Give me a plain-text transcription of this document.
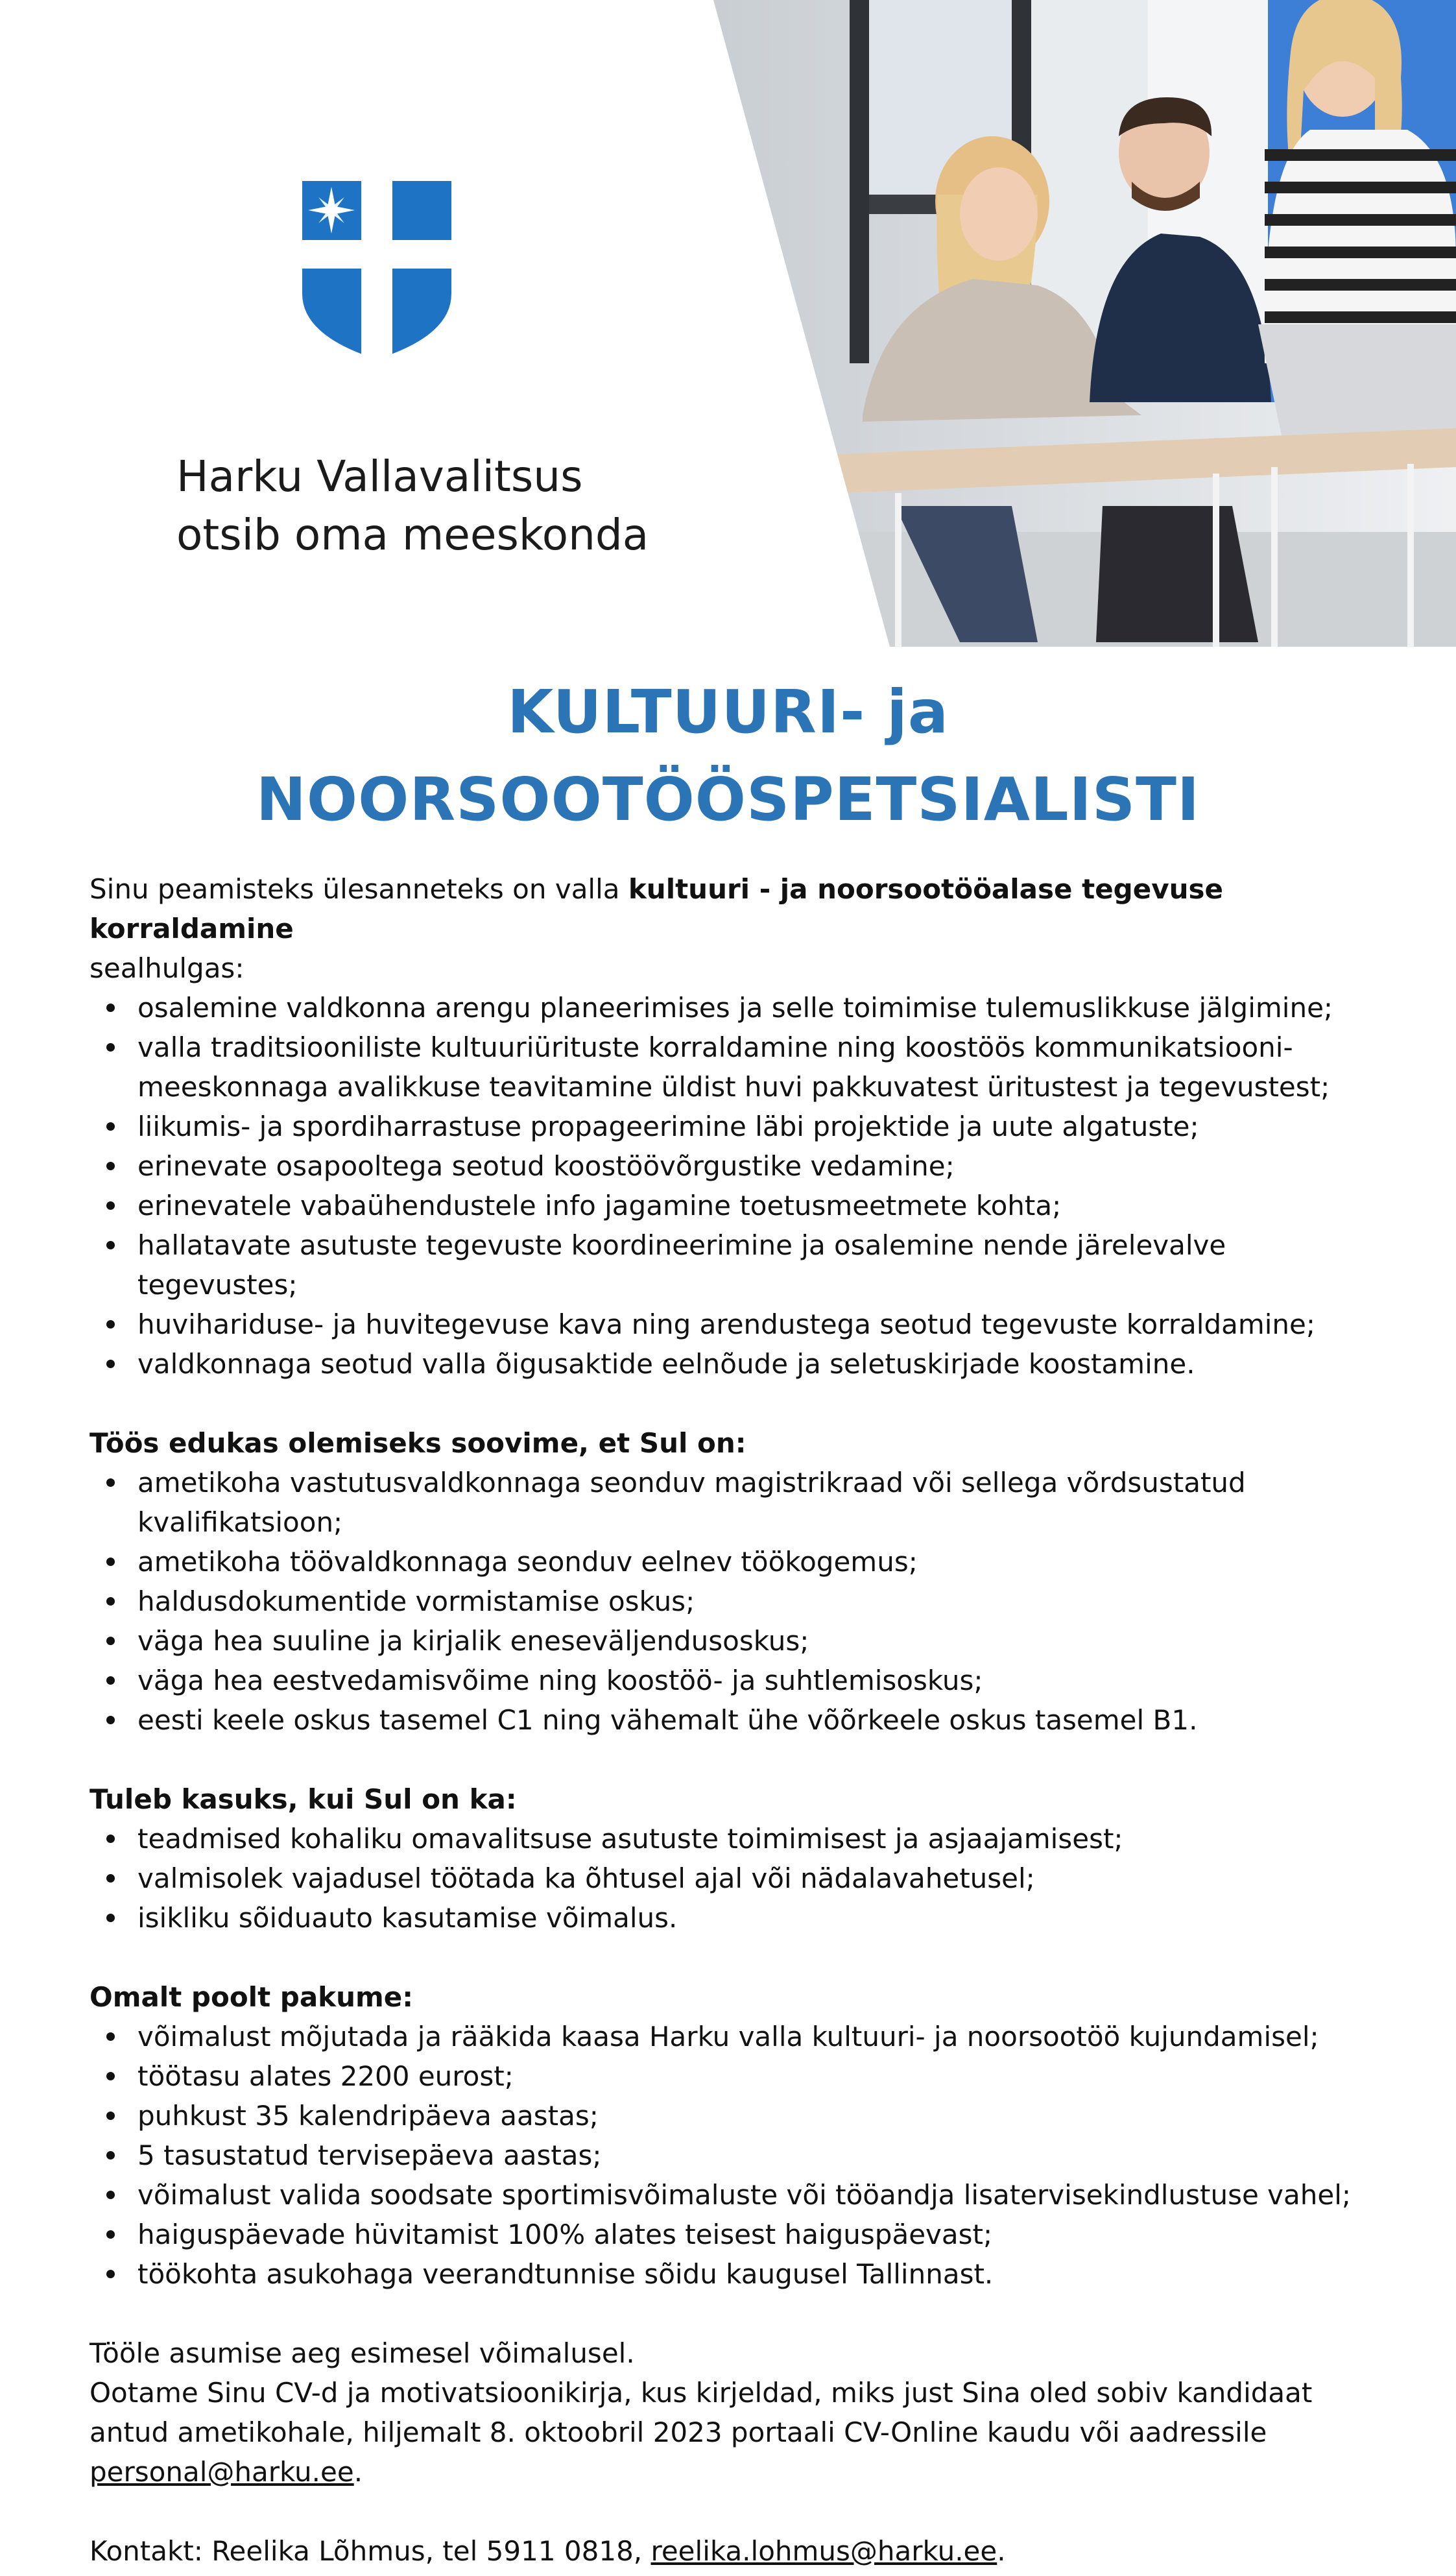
Harku Vallavalitsus
otsib oma meeskonda
KULTUURI- ja
NOORSOOTÖÖSPETSIALISTI

Sinu peamisteks ülesanneteks on valla kultuuri - ja noorsootööalase tegevuse korraldamine
sealhulgas:

osalemine valdkonna arengu planeerimises ja selle toimimise tulemuslikkuse jälgimine;
valla traditsiooniliste kultuuriürituste korraldamine ning koostöös kommunikatsiooni-meeskonnaga avalikkuse teavitamine üldist huvi pakkuvatest üritustest ja tegevustest;
liikumis- ja spordiharrastuse propageerimine läbi projektide ja uute algatuste;
erinevate osapooltega seotud koostöövõrgustike vedamine;
erinevatele vabaühendustele info jagamine toetusmeetmete kohta;
hallatavate asutuste tegevuste koordineerimine ja osalemine nende järelevalve tegevustes;
huvihariduse- ja huvitegevuse kava ning arendustega seotud tegevuste korraldamine;
valdkonnaga seotud valla õigusaktide eelnõude ja seletuskirjade koostamine.

Töös edukas olemiseks soovime, et Sul on:

ametikoha vastutusvaldkonnaga seonduv magistrikraad või sellega võrdsustatud kvalifikatsioon;
ametikoha töövaldkonnaga seonduv eelnev töökogemus;
haldusdokumentide vormistamise oskus;
väga hea suuline ja kirjalik eneseväljendusoskus;
väga hea eestvedamisvõime ning koostöö- ja suhtlemisoskus;
eesti keele oskus tasemel C1 ning vähemalt ühe võõrkeele oskus tasemel B1.

Tuleb kasuks, kui Sul on ka:

teadmised kohaliku omavalitsuse asutuste toimimisest ja asjaajamisest;
valmisolek vajadusel töötada ka õhtusel ajal või nädalavahetusel;
isikliku sõiduauto kasutamise võimalus.

Omalt poolt pakume:

võimalust mõjutada ja rääkida kaasa Harku valla kultuuri- ja noorsootöö kujundamisel;
töötasu alates 2200 eurost;
puhkust 35 kalendripäeva aastas;
5 tasustatud tervisepäeva aastas;
võimalust valida soodsate sportimisvõimaluste või tööandja lisatervisekindlustuse vahel;
haiguspäevade hüvitamist 100% alates teisest haiguspäevast;
töökohta asukohaga veerandtunnise sõidu kaugusel Tallinnast.

Tööle asumise aeg esimesel võimalusel.

Ootame Sinu CV-d ja motivatsioonikirja, kus kirjeldad, miks just Sina oled sobiv kandidaat antud ametikohale, hiljemalt 8. oktoobril 2023 portaali CV-Online kaudu või aadressile
personal@harku.ee.

Kontakt: Reelika Lõhmus, tel 5911 0818, reelika.lohmus@harku.ee.
